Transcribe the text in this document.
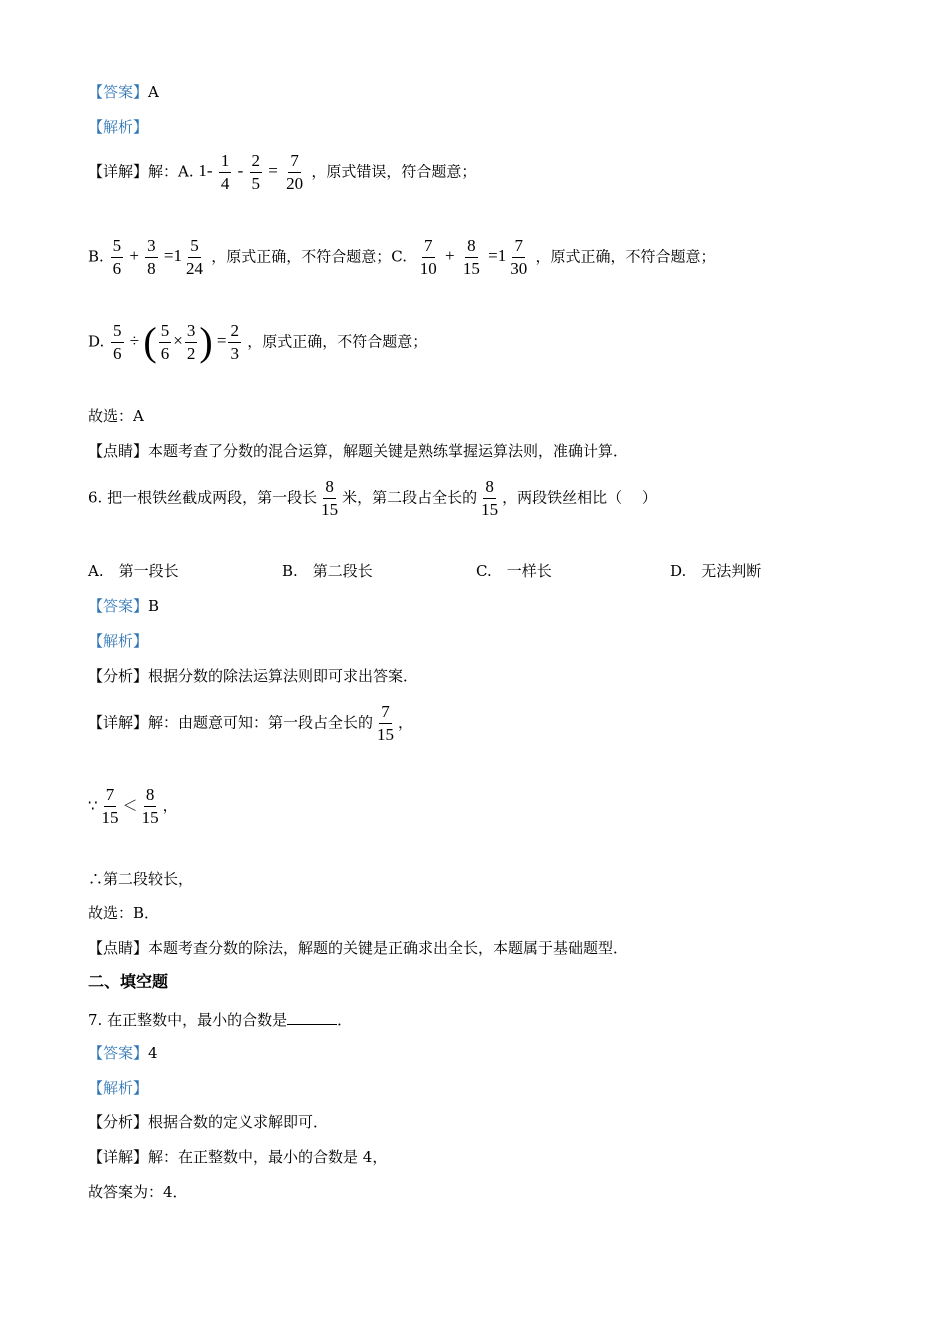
【答案】A
【解析】
【详解】解：A. $1- \frac{1}{4} - \frac{2}{5} = \frac{7}{20}$ ，原式错误，符合题意；
B. $\frac{5}{6} + \frac{3}{8} =1 \frac{5}{24}$ ，原式正确，不符合题意；C. $\frac{7}{10} + \frac{8}{15} =1 \frac{7}{30}$ ，原式正确，不符合题意；
D. $\frac{5}{6}$ ÷ ( $\frac{5}{6} \times \frac{3}{2}$ ) = $\frac{2}{3}$ ，原式正确，不符合题意；
故选：A
【点睛】本题考查了分数的混合运算，解题关键是熟练掌握运算法则，准确计算．
6. 把一根铁丝截成两段，第一段长 $\frac{8}{15}$ 米，第二段占全长的 $\frac{8}{15}$ ，两段铁丝相比（　 ）
A.　第一段长	B.　第二段长	C.　一样长	D.　无法判断
【答案】B
【解析】
【分析】根据分数的除法运算法则即可求出答案．
【详解】解：由题意可知：第一段占全长的 $\frac{7}{15}$ ，
∵ $\frac{7}{15} < \frac{8}{15}$ ，
∴第二段较长，
故选：B．
【点睛】本题考查分数的除法，解题的关键是正确求出全长，本题属于基础题型．
二、填空题
7. 在正整数中，最小的合数是	．
【答案】4
【解析】
【分析】根据合数的定义求解即可．
【详解】解：在正整数中，最小的合数是 4，
故答案为：4．
